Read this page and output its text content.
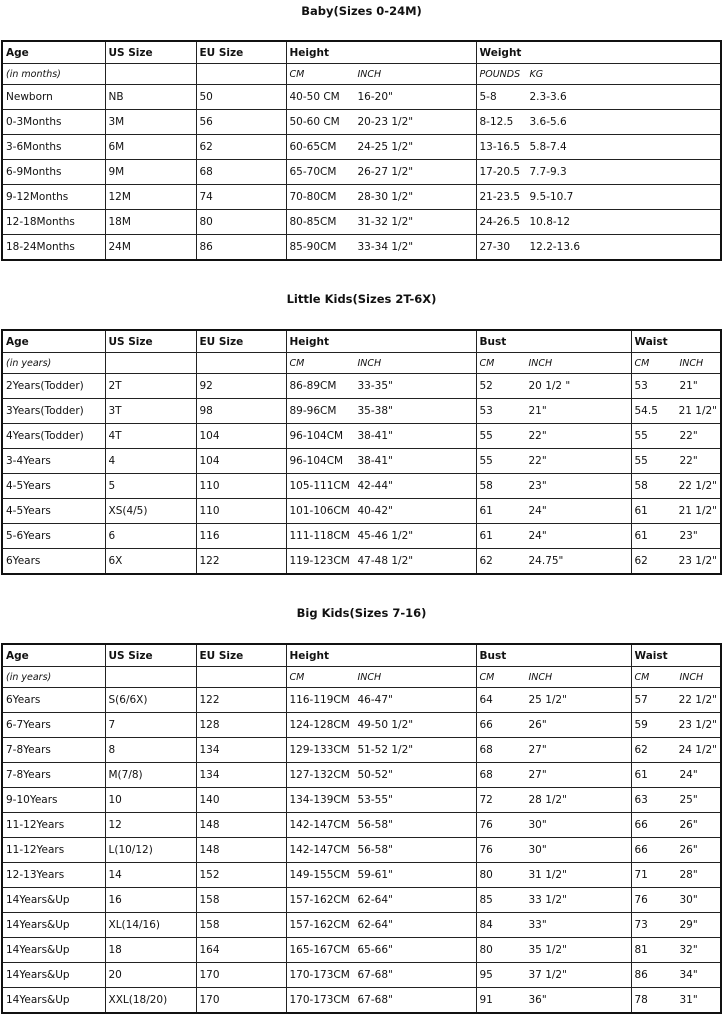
Baby(Sizes 0-24M)
Age	US Size	EU Size	Height	Weight
(in months)			CM INCH	POUNDS KG

Newborn	NB	50	40-50 CM 16-20"	5-8 2.3-3.6

0-3Months	3M	56	50-60 CM 20-23 1/2"	8-12.5 3.6-5.6

3-6Months	6M	62	60-65CM 24-25 1/2"	13-16.5 5.8-7.4

6-9Months	9M	68	65-70CM 26-27 1/2"	17-20.5 7.7-9.3

9-12Months	12M	74	70-80CM 28-30 1/2"	21-23.5 9.5-10.7

12-18Months	18M	80	80-85CM 31-32 1/2"	24-26.5 10.8-12

18-24Months	24M	86	85-90CM 33-34 1/2"	27-30 12.2-13.6
Little Kids(Sizes 2T-6X)
Age	US Size	EU Size	Height	Bust	Waist
(in years)			CM INCH	CM INCH	CM INCH

2Years(Todder)	2T	92	86-89CM 33-35"	52 20 1/2 "	53 21"

3Years(Todder)	3T	98	89-96CM 35-38"	53 21"	54.5 21 1/2"

4Years(Todder)	4T	104	96-104CM 38-41"	55 22"	55 22"

3-4Years	4	104	96-104CM 38-41"	55 22"	55 22"

4-5Years	5	110	105-111CM 42-44"	58 23"	58 22 1/2"

4-5Years	XS(4/5)	110	101-106CM 40-42"	61 24"	61 21 1/2"

5-6Years	6	116	111-118CM 45-46 1/2"	61 24"	61 23"

6Years	6X	122	119-123CM 47-48 1/2"	62 24.75"	62 23 1/2"
Big Kids(Sizes 7-16)
Age	US Size	EU Size	Height	Bust	Waist
(in years)			CM INCH	CM INCH	CM INCH

6Years	S(6/6X)	122	116-119CM 46-47"	64 25 1/2"	57 22 1/2"

6-7Years	7	128	124-128CM 49-50 1/2"	66 26"	59 23 1/2"

7-8Years	8	134	129-133CM 51-52 1/2"	68 27"	62 24 1/2"

7-8Years	M(7/8)	134	127-132CM 50-52"	68 27"	61 24"

9-10Years	10	140	134-139CM 53-55"	72 28 1/2"	63 25"

11-12Years	12	148	142-147CM 56-58"	76 30"	66 26"

11-12Years	L(10/12)	148	142-147CM 56-58"	76 30"	66 26"

12-13Years	14	152	149-155CM 59-61"	80 31 1/2"	71 28"

14Years&Up	16	158	157-162CM 62-64"	85 33 1/2"	76 30"

14Years&Up	XL(14/16)	158	157-162CM 62-64"	84 33"	73 29"

14Years&Up	18	164	165-167CM 65-66"	80 35 1/2"	81 32"

14Years&Up	20	170	170-173CM 67-68"	95 37 1/2"	86 34"

14Years&Up	XXL(18/20)	170	170-173CM 67-68"	91 36"	78 31"
